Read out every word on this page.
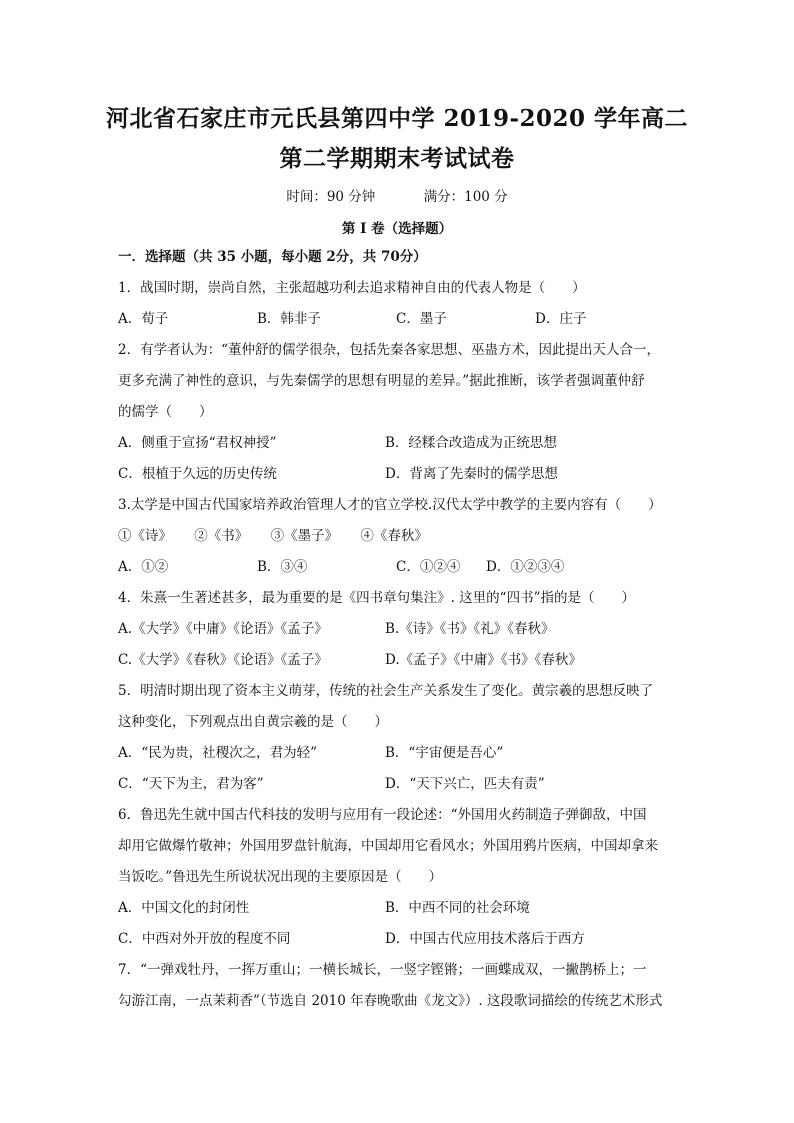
河北省石家庄市元氏县第四中学 2019-2020 学年高二
第二学期期末考试试卷
时间：90 分钟	满分：100 分
第 I 卷（选择题）
一．选择题（共 35 小题，每小题 2分，共 70分）
1．战国时期，崇尚自然，主张超越功利去追求精神自由的代表人物是（　　）
A．荀子	B．韩非子	C．墨子	D．庄子
2．有学者认为：“董仲舒的儒学很杂，包括先秦各家思想、巫蛊方术，因此提出天人合一，
更多充满了神性的意识，与先秦儒学的思想有明显的差异。”据此推断，该学者强调董仲舒
的儒学（　　）
A．侧重于宣扬“君权神授”	B．经糅合改造成为正统思想
C．根植于久远的历史传统	D．背离了先秦时的儒学思想
3.太学是中国古代国家培养政治管理人才的官立学校.汉代太学中教学的主要内容有（　　）
①《诗》 ②《书》 ③《墨子》 ④《春秋》
A．①②	B．③④	C．①②④ D．①②③④
4．朱熹一生著述甚多，最为重要的是《四书章句集注》. 这里的“四书”指的是（　　）
A.《大学》《中庸》《论语》《孟子》	B.《诗》《书》《礼》《春秋》
C.《大学》《春秋》《论语》《孟子》	D.《孟子》《中庸》《书》《春秋》
5．明清时期出现了资本主义萌芽，传统的社会生产关系发生了变化。黄宗羲的思想反映了
这种变化，下列观点出自黄宗羲的是（　　）
A．“民为贵，社稷次之，君为轻”	B．“宇宙便是吾心”
C．“天下为主，君为客”	D．“天下兴亡，匹夫有责”
6．鲁迅先生就中国古代科技的发明与应用有一段论述：“外国用火药制造子弹御敌，中国
却用它做爆竹敬神；外国用罗盘针航海，中国却用它看风水；外国用鸦片医病，中国却拿来
当饭吃。”鲁迅先生所说状况出现的主要原因是（　　）
A．中国文化的封闭性	B．中西不同的社会环境
C．中西对外开放的程度不同	D．中国古代应用技术落后于西方
7．“一弹戏牡丹，一挥万重山；一横长城长，一竖字铿锵；一画蝶成双，一撇鹊桥上；一
勾游江南，一点茉莉香”（节选自 2010 年春晚歌曲《龙文》）. 这段歌词描绘的传统艺术形式
